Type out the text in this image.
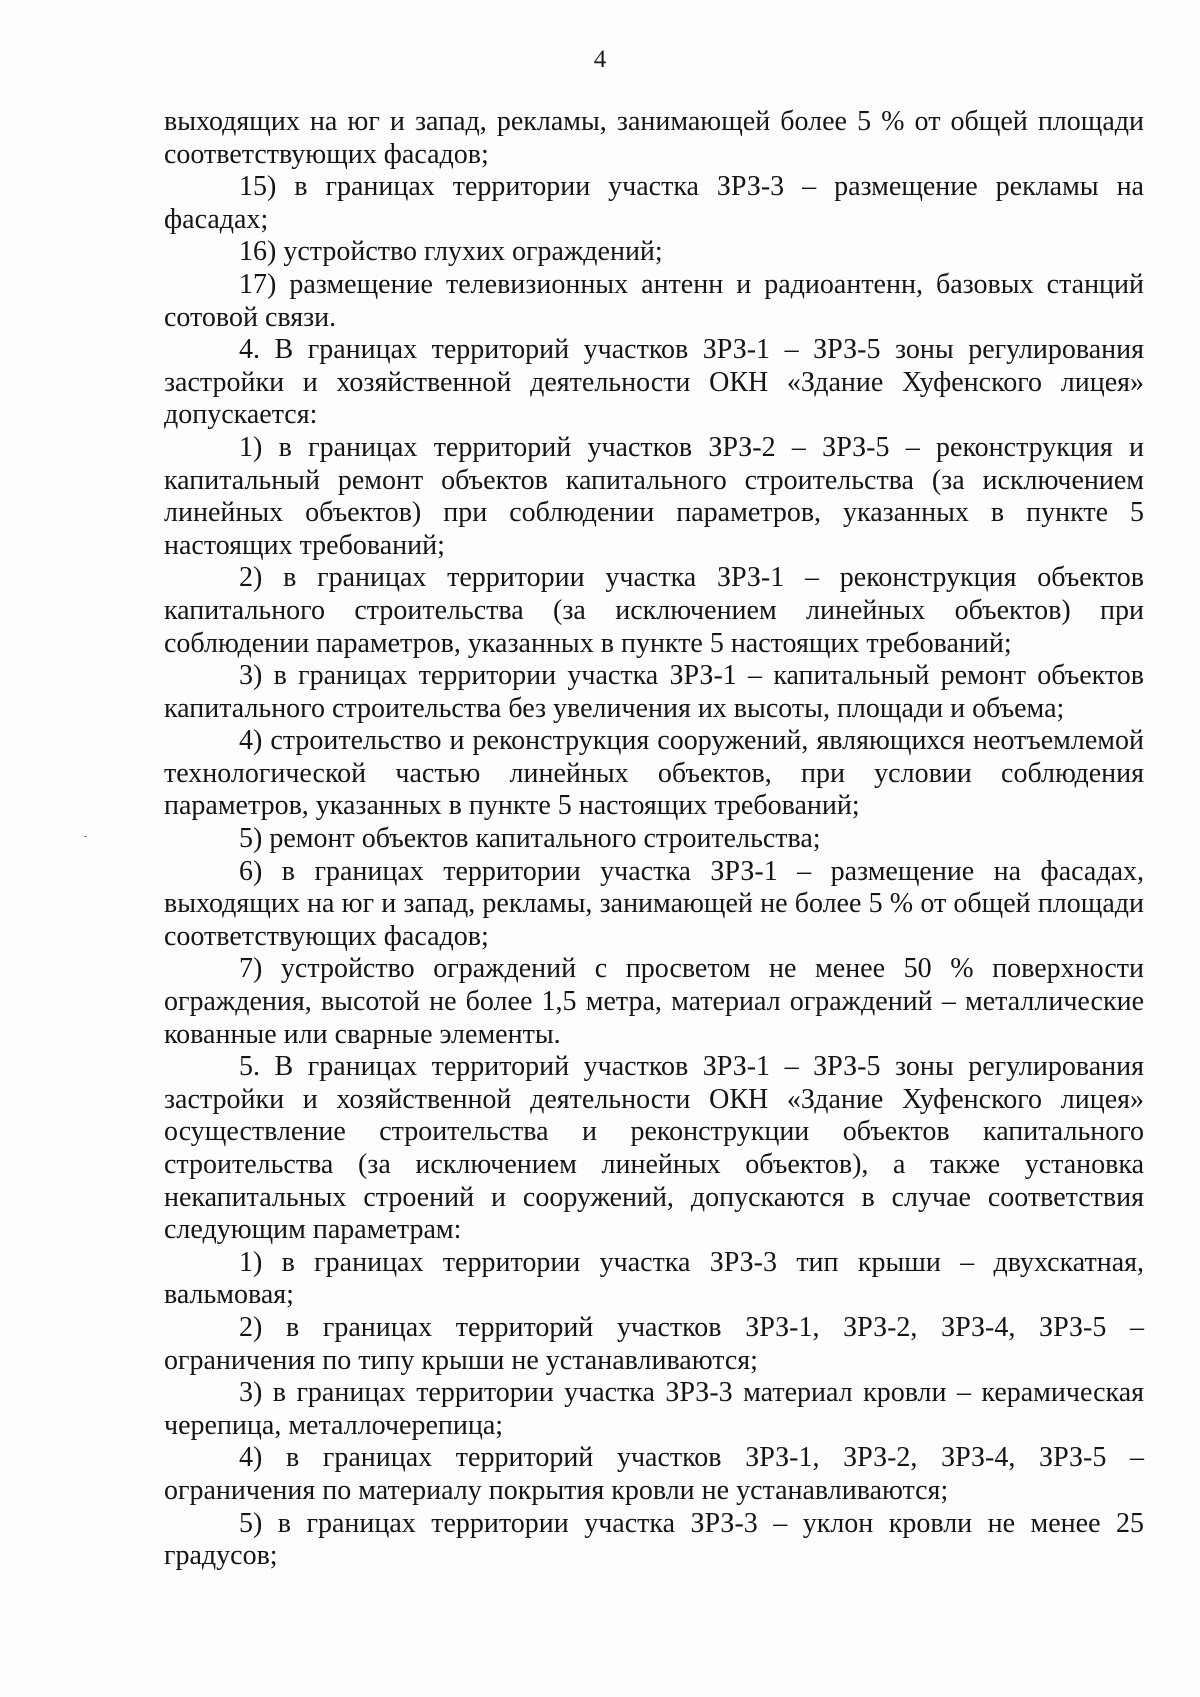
4

выходящих на юг и запад, рекламы, занимающей более 5 % от общей площади соответствующих фасадов;

15) в границах территории участка ЗРЗ-3 – размещение рекламы на фасадах;

16) устройство глухих ограждений;

17) размещение телевизионных антенн и радиоантенн, базовых станций сотовой связи.

4. В границах территорий участков ЗРЗ-1 – ЗРЗ-5 зоны регулирования застройки и хозяйственной деятельности ОКН «Здание Хуфенского лицея» допускается:

1) в границах территорий участков ЗРЗ-2 – ЗРЗ-5 – реконструкция и капитальный ремонт объектов капитального строительства (за исключением линейных объектов) при соблюдении параметров, указанных в пункте 5 настоящих требований;

2) в границах территории участка ЗРЗ-1 – реконструкция объектов капитального строительства (за исключением линейных объектов) при соблюдении параметров, указанных в пункте 5 настоящих требований;

3) в границах территории участка ЗРЗ-1 – капитальный ремонт объектов капитального строительства без увеличения их высоты, площади и объема;

4) строительство и реконструкция сооружений, являющихся неотъемлемой технологической частью линейных объектов, при условии соблюдения параметров, указанных в пункте 5 настоящих требований;

5) ремонт объектов капитального строительства;

6) в границах территории участка ЗРЗ-1 – размещение на фасадах, выходящих на юг и запад, рекламы, занимающей не более 5 % от общей площади соответствующих фасадов;

7) устройство ограждений с просветом не менее 50 % поверхности ограждения, высотой не более 1,5 метра, материал ограждений – металлические кованные или сварные элементы.

5. В границах территорий участков ЗРЗ-1 – ЗРЗ-5 зоны регулирования застройки и хозяйственной деятельности ОКН «Здание Хуфенского лицея» осуществление строительства и реконструкции объектов капитального строительства (за исключением линейных объектов), а также установка некапитальных строений и сооружений, допускаются в случае соответствия следующим параметрам:

1) в границах территории участка ЗРЗ-3 тип крыши – двухскатная, вальмовая;

2) в границах территорий участков ЗРЗ-1, ЗРЗ-2, ЗРЗ-4, ЗРЗ-5 – ограничения по типу крыши не устанавливаются;

3) в границах территории участка ЗРЗ-3 материал кровли – керамическая черепица, металлочерепица;

4) в границах территорий участков ЗРЗ-1, ЗРЗ-2, ЗРЗ-4, ЗРЗ-5 – ограничения по материалу покрытия кровли не устанавливаются;

5) в границах территории участка ЗРЗ-3 – уклон кровли не менее 25 градусов;
